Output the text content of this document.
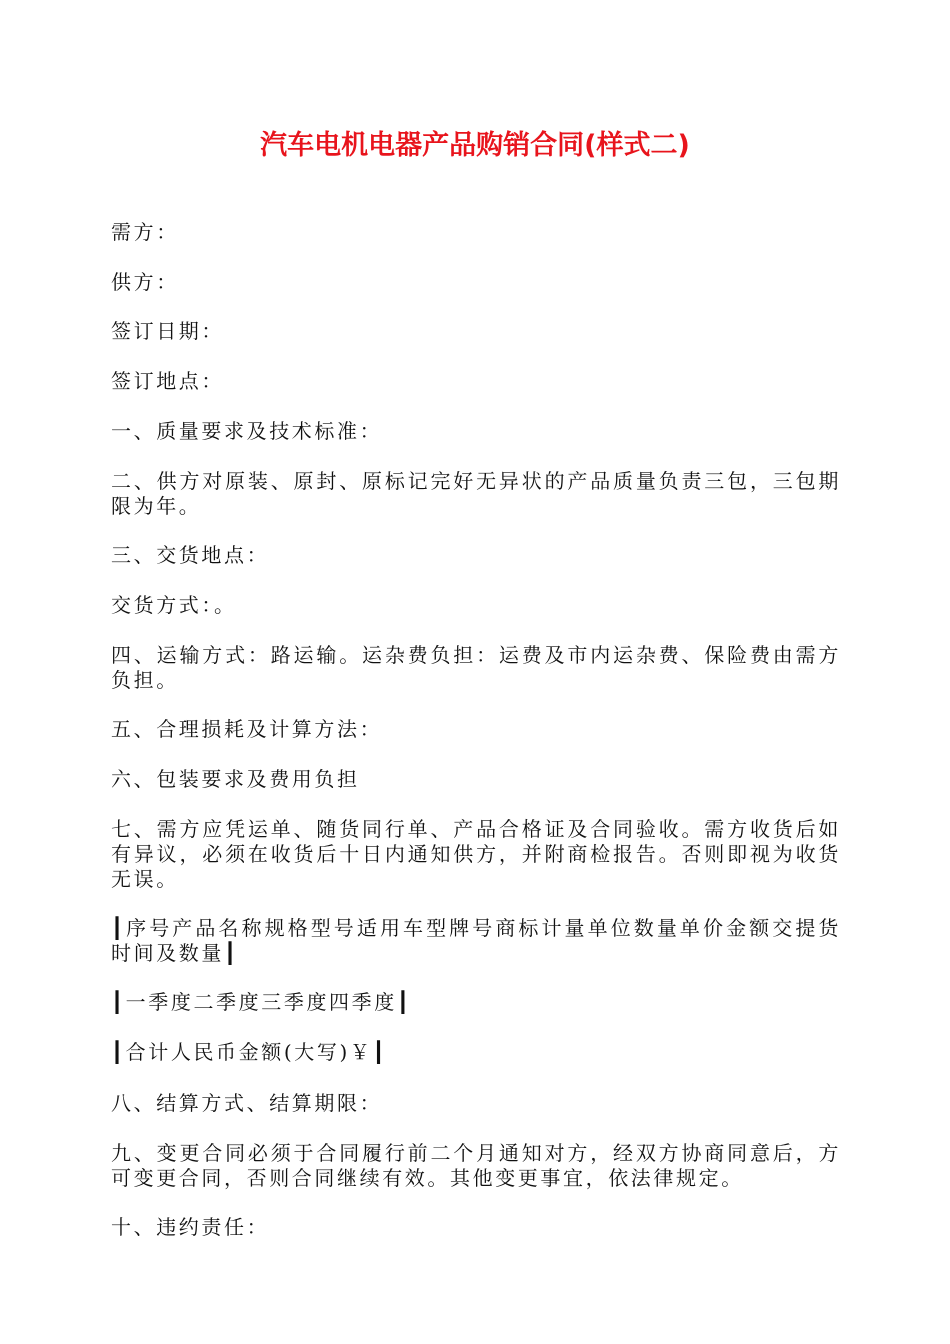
汽车电机电器产品购销合同(样式二)
需方：
供方：
签订日期：
签订地点：
一、质量要求及技术标准：
二、供方对原装、原封、原标记完好无异状的产品质量负责三包，三包期限为年。
三、交货地点：
交货方式：。
四、运输方式：路运输。运杂费负担：运费及市内运杂费、保险费由需方负担。
五、合理损耗及计算方法：
六、包装要求及费用负担
七、需方应凭运单、随货同行单、产品合格证及合同验收。需方收货后如有异议，必须在收货后十日内通知供方，并附商检报告。否则即视为收货无误。
┃序号产品名称规格型号适用车型牌号商标计量单位数量单价金额交提货时间及数量┃
┃一季度二季度三季度四季度┃
┃合计人民币金额(大写)￥┃
八、结算方式、结算期限：
九、变更合同必须于合同履行前二个月通知对方，经双方协商同意后，方可变更合同，否则合同继续有效。其他变更事宜，依法律规定。
十、违约责任：
